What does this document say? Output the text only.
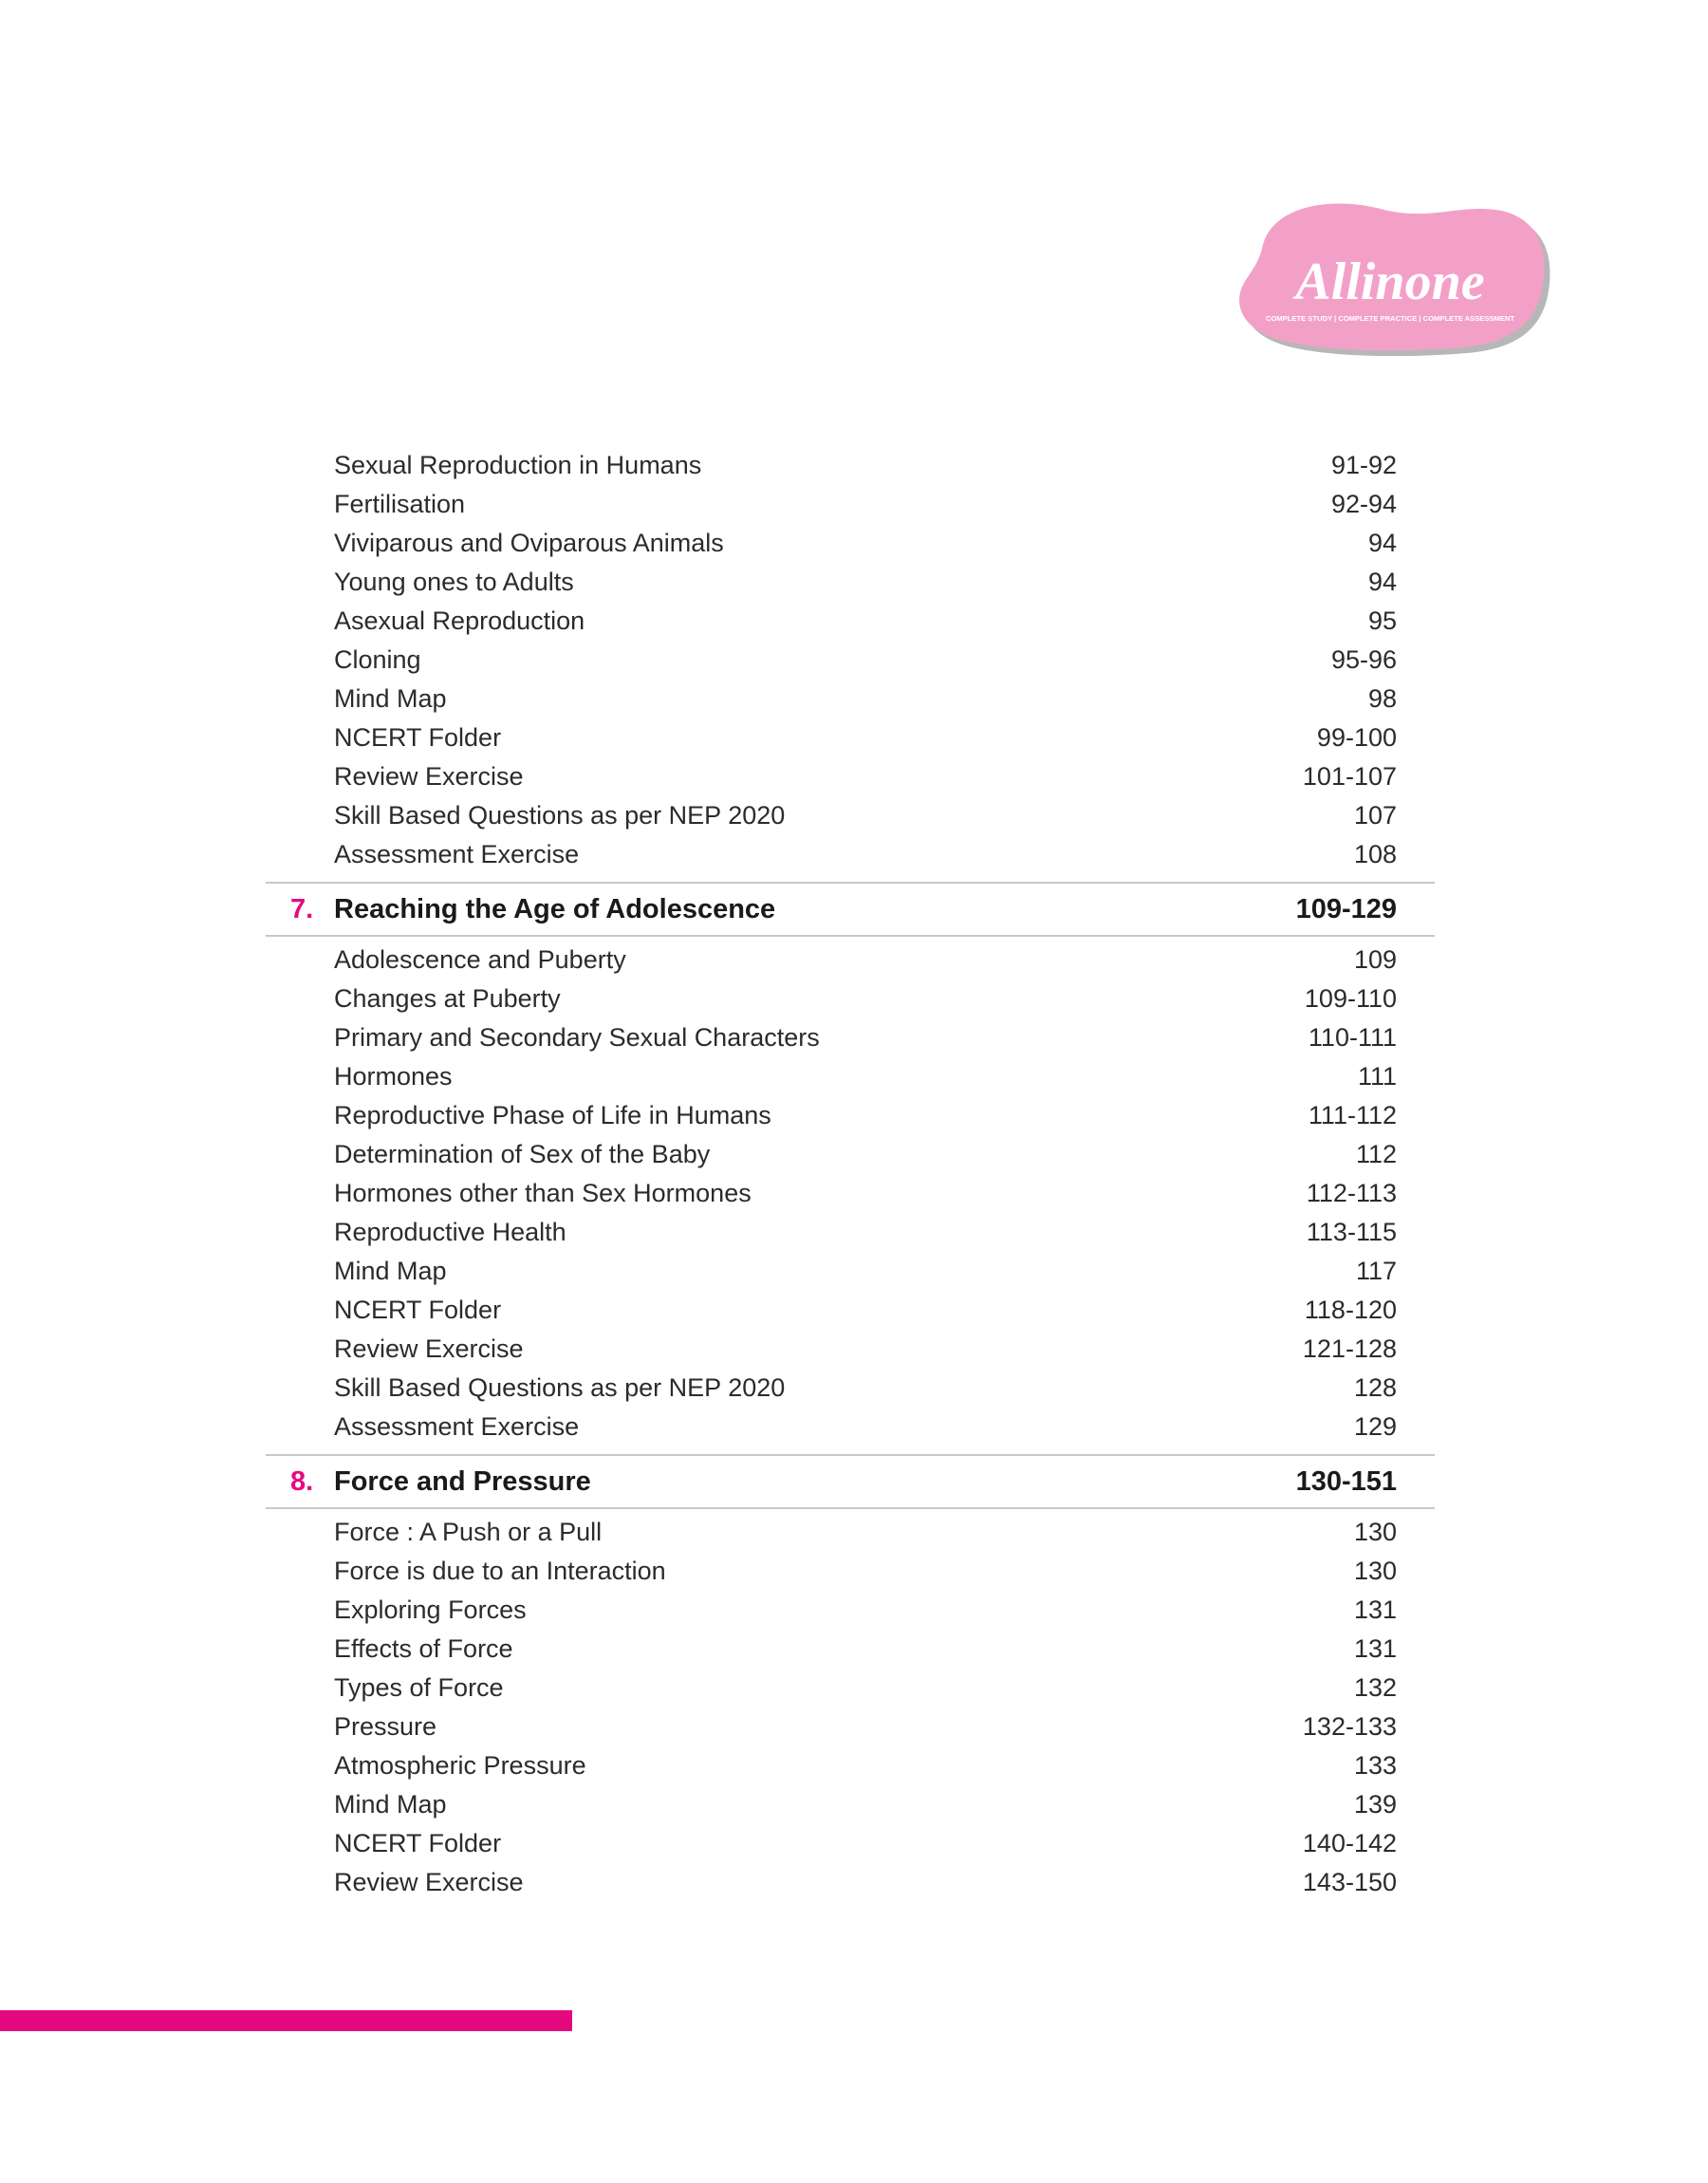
Allinone
COMPLETE STUDY | COMPLETE PRACTICE | COMPLETE ASSESSMENT
Sexual Reproduction in Humans	91-92
Fertilisation	92-94
Viviparous and Oviparous Animals	94
Young ones to Adults	94
Asexual Reproduction	95
Cloning	95-96
Mind Map	98
NCERT Folder	99-100
Review Exercise	101-107
Skill Based Questions as per NEP 2020	107
Assessment Exercise	108
7. Reaching the Age of Adolescence	109-129
Adolescence and Puberty	109
Changes at Puberty	109-110
Primary and Secondary Sexual Characters	110-111
Hormones	111
Reproductive Phase of Life in Humans	111-112
Determination of Sex of the Baby	112
Hormones other than Sex Hormones	112-113
Reproductive Health	113-115
Mind Map	117
NCERT Folder	118-120
Review Exercise	121-128
Skill Based Questions as per NEP 2020	128
Assessment Exercise	129
8. Force and Pressure	130-151
Force : A Push or a Pull	130
Force is due to an Interaction	130
Exploring Forces	131
Effects of Force	131
Types of Force	132
Pressure	132-133
Atmospheric Pressure	133
Mind Map	139
NCERT Folder	140-142
Review Exercise	143-150
